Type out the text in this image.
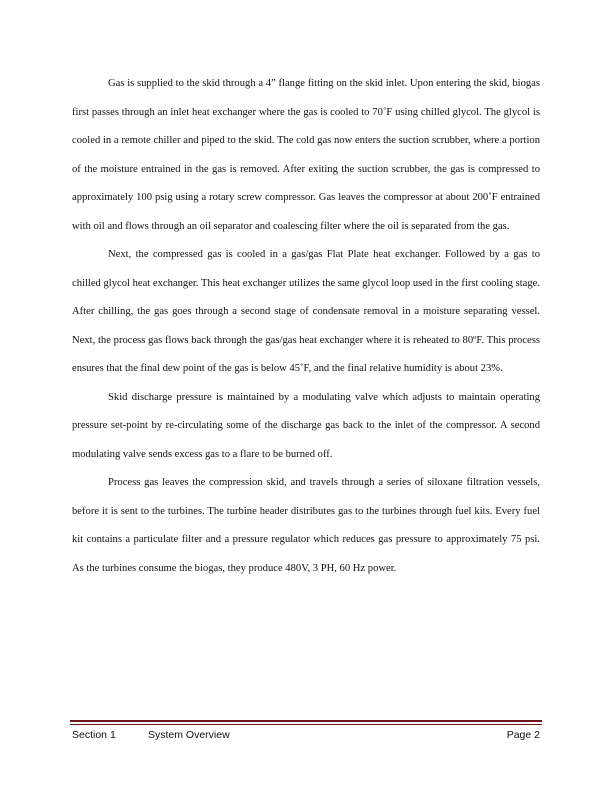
Gas is supplied to the skid through a 4” flange fitting on the skid inlet. Upon entering the skid, biogas first passes through an inlet heat exchanger where the gas is cooled to 70˚F using chilled glycol. The glycol is cooled in a remote chiller and piped to the skid. The cold gas now enters the suction scrubber, where a portion of the moisture entrained in the gas is removed. After exiting the suction scrubber, the gas is compressed to approximately 100 psig using a rotary screw compressor. Gas leaves the compressor at about 200˚F entrained with oil and flows through an oil separator and coalescing filter where the oil is separated from the gas.

Next, the compressed gas is cooled in a gas/gas Flat Plate heat exchanger. Followed by a gas to chilled glycol heat exchanger. This heat exchanger utilizes the same glycol loop used in the first cooling stage. After chilling, the gas goes through a second stage of condensate removal in a moisture separating vessel. Next, the process gas flows back through the gas/gas heat exchanger where it is reheated to 80ºF. This process ensures that the final dew point of the gas is below 45˚F, and the final relative humidity is about 23%.

Skid discharge pressure is maintained by a modulating valve which adjusts to maintain operating pressure set-point by re-circulating some of the discharge gas back to the inlet of the compressor. A second modulating valve sends excess gas to a flare to be burned off.

Process gas leaves the compression skid, and travels through a series of siloxane filtration vessels, before it is sent to the turbines. The turbine header distributes gas to the turbines through fuel kits. Every fuel kit contains a particulate filter and a pressure regulator which reduces gas pressure to approximately 75 psi. As the turbines consume the biogas, they produce 480V, 3 PH, 60 Hz power.

Section 1	System Overview	Page 2
